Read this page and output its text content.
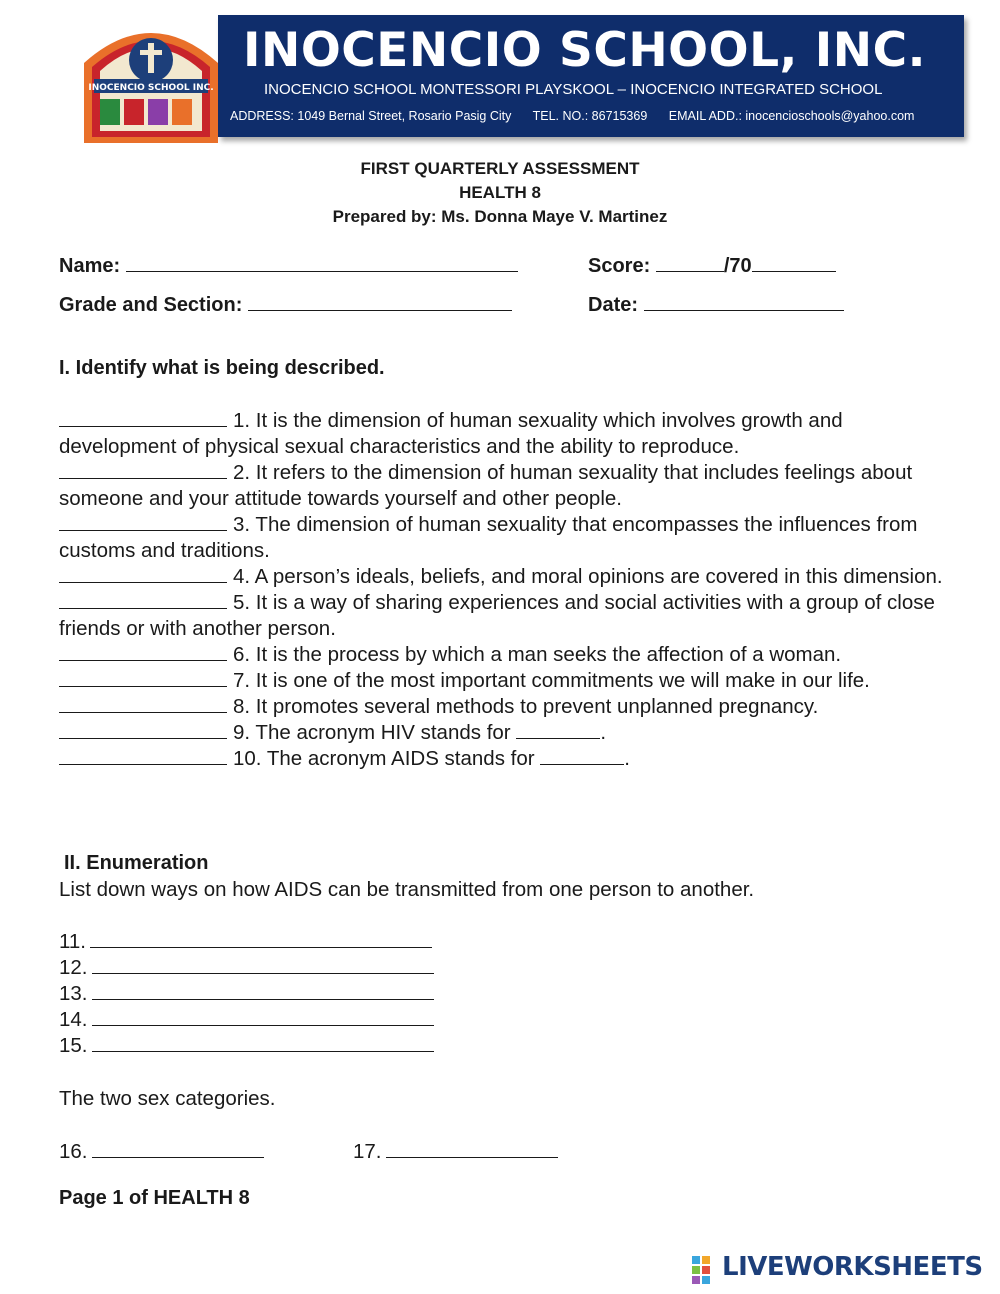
INOCENCIO SCHOOL, INC.
INOCENCIO SCHOOL MONTESSORI PLAYSKOOL – INOCENCIO INTEGRATED SCHOOL
ADDRESS: 1049 Bernal Street, Rosario Pasig City TEL. NO.: 86715369 EMAIL ADD.: inocencioschools@yahoo.com
INOCENCIO SCHOOL INC.
FIRST QUARTERLY ASSESSMENT
HEALTH 8
Prepared by: Ms. Donna Maye V. Martinez
Name:	Score:	/70
Grade and Section:	Date:
I. Identify what is being described.

1. It is the dimension of human sexuality which involves growth and development of physical sexual characteristics and the ability to reproduce.

2. It refers to the dimension of human sexuality that includes feelings about someone and your attitude towards yourself and other people.

3. The dimension of human sexuality that encompasses the influences from customs and traditions.

4. A person’s ideals, beliefs, and moral opinions are covered in this dimension.

5. It is a way of sharing experiences and social activities with a group of close friends or with another person.

6. It is the process by which a man seeks the affection of a woman.

7. It is one of the most important commitments we will make in our life.

8. It promotes several methods to prevent unplanned pregnancy.

9. The acronym HIV stands for	.

10. The acronym AIDS stands for	.

II. Enumeration
List down ways on how AIDS can be transmitted from one person to another.
11.
12.
13.
14.
15.
The two sex categories.
16.	17.
Page 1 of HEALTH 8
LIVEWORKSHEETS
